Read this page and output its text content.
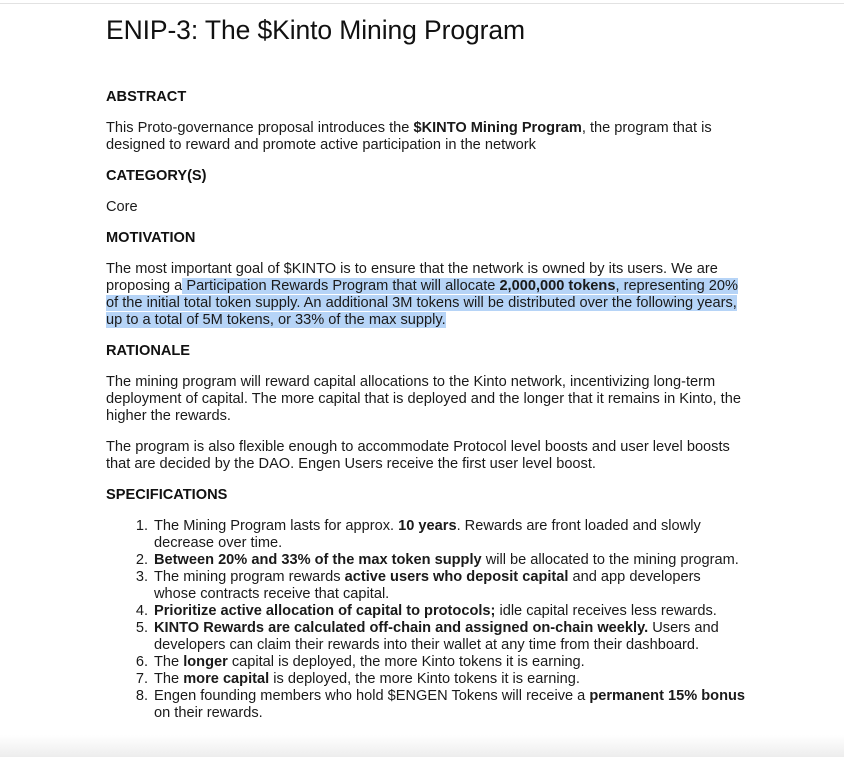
ENIP-3: The $Kinto Mining Program
ABSTRACT

This Proto-governance proposal introduces the $KINTO Mining Program, the program that is designed to reward and promote active participation in the network

CATEGORY(S)

Core

MOTIVATION

The most important goal of $KINTO is to ensure that the network is owned by its users. We are proposing a Participation Rewards Program that will allocate 2,000,000 tokens, representing 20% of the initial total token supply. An additional 3M tokens will be distributed over the following years, up to a total of 5M tokens, or 33% of the max supply.

RATIONALE

The mining program will reward capital allocations to the Kinto network, incentivizing long-term deployment of capital. The more capital that is deployed and the longer that it remains in Kinto, the higher the rewards.

The program is also flexible enough to accommodate Protocol level boosts and user level boosts that are decided by the DAO. Engen Users receive the first user level boost.

SPECIFICATIONS
1. The Mining Program lasts for approx. 10 years. Rewards are front loaded and slowly decrease over time.
2. Between 20% and 33% of the max token supply will be allocated to the mining program.
3. The mining program rewards active users who deposit capital and app developers whose contracts receive that capital.
4. Prioritize active allocation of capital to protocols; idle capital receives less rewards.
5. KINTO Rewards are calculated off-chain and assigned on-chain weekly. Users and developers can claim their rewards into their wallet at any time from their dashboard.
6. The longer capital is deployed, the more Kinto tokens it is earning.
7. The more capital is deployed, the more Kinto tokens it is earning.
8. Engen founding members who hold $ENGEN Tokens will receive a permanent 15% bonus on their rewards.
